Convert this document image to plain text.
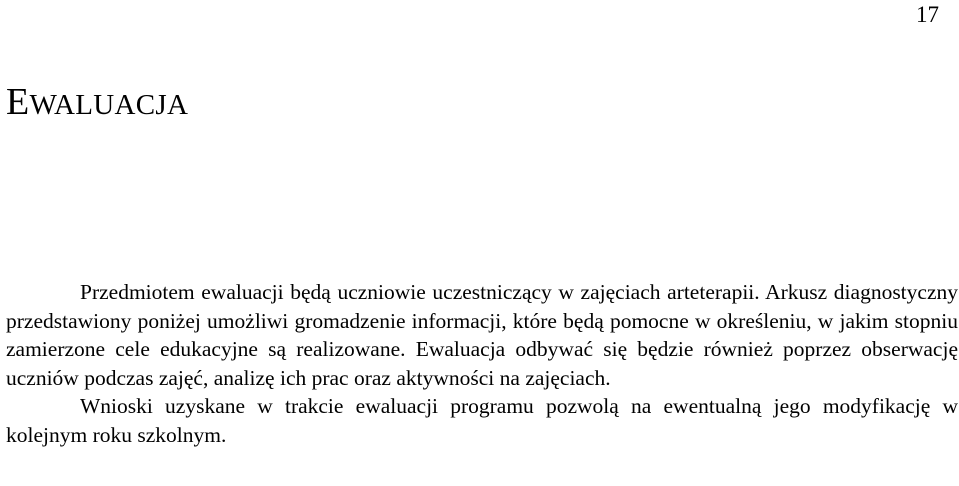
17
EWALUACJA

Przedmiotem ewaluacji będą uczniowie uczestniczący w zajęciach arteterapii. Arkusz diagnostyczny przedstawiony poniżej umożliwi gromadzenie informacji, które będą pomocne w określeniu, w jakim stopniu zamierzone cele edukacyjne są realizowane. Ewaluacja odbywać się będzie również poprzez obserwację uczniów podczas zajęć, analizę ich prac oraz aktywności na zajęciach.

Wnioski uzyskane w trakcie ewaluacji programu pozwolą na ewentualną jego modyfikację w kolejnym roku szkolnym.
